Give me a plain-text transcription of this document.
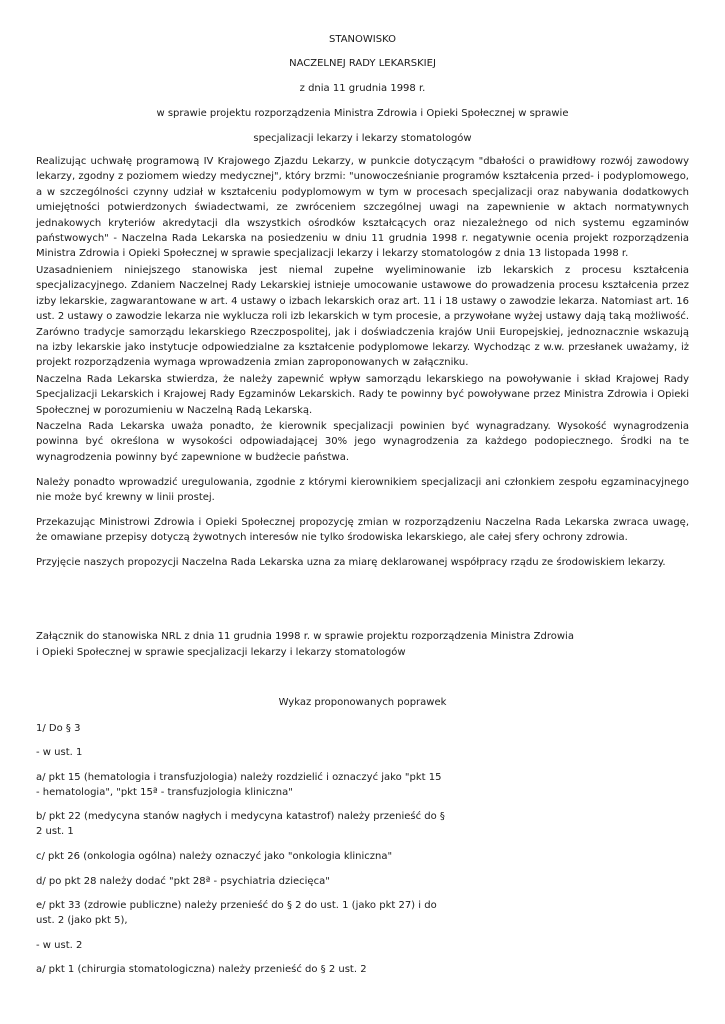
STANOWISKO
NACZELNEJ RADY LEKARSKIEJ
z dnia 11 grudnia 1998 r.
w sprawie projektu rozporządzenia Ministra Zdrowia i Opieki Społecznej w sprawie
specjalizacji lekarzy i lekarzy stomatologów

Realizując uchwałę programową IV Krajowego Zjazdu Lekarzy, w punkcie dotyczącym "dbałości o prawidłowy rozwój zawodowy lekarzy, zgodny z poziomem wiedzy medycznej", który brzmi: "unowocześnianie programów kształcenia przed- i podyplomowego, a w szczególności czynny udział w kształceniu podyplomowym w tym w procesach specjalizacji oraz nabywania dodatkowych umiejętności potwierdzonych świadectwami, ze zwróceniem szczególnej uwagi na zapewnienie w aktach normatywnych jednakowych kryteriów akredytacji dla wszystkich ośrodków kształcących oraz niezależnego od nich systemu egzaminów państwowych" - Naczelna Rada Lekarska na posiedzeniu w dniu 11 grudnia 1998 r. negatywnie ocenia projekt rozporządzenia Ministra Zdrowia i Opieki Społecznej w sprawie specjalizacji lekarzy i lekarzy stomatologów z dnia 13 listopada 1998 r.

Uzasadnieniem niniejszego stanowiska jest niemal zupełne wyeliminowanie izb lekarskich z procesu kształcenia specjalizacyjnego. Zdaniem Naczelnej Rady Lekarskiej istnieje umocowanie ustawowe do prowadzenia procesu kształcenia przez izby lekarskie, zagwarantowane w art. 4 ustawy o izbach lekarskich oraz art. 11 i 18 ustawy o zawodzie lekarza. Natomiast art. 16 ust. 2 ustawy o zawodzie lekarza nie wyklucza roli izb lekarskich w tym procesie, a przywołane wyżej ustawy dają taką możliwość. Zarówno tradycje samorządu lekarskiego Rzeczpospolitej, jak i doświadczenia krajów Unii Europejskiej, jednoznacznie wskazują na izby lekarskie jako instytucje odpowiedzialne za kształcenie podyplomowe lekarzy. Wychodząc z w.w. przesłanek uważamy, iż projekt rozporządzenia wymaga wprowadzenia zmian zaproponowanych w załączniku.

Naczelna Rada Lekarska stwierdza, że należy zapewnić wpływ samorządu lekarskiego na powoływanie i skład Krajowej Rady Specjalizacji Lekarskich i Krajowej Rady Egzaminów Lekarskich. Rady te powinny być powoływane przez Ministra Zdrowia i Opieki Społecznej w porozumieniu w Naczelną Radą Lekarską.

Naczelna Rada Lekarska uważa ponadto, że kierownik specjalizacji powinien być wynagradzany. Wysokość wynagrodzenia powinna być określona w wysokości odpowiadającej 30% jego wynagrodzenia za każdego podopiecznego. Środki na te wynagrodzenia powinny być zapewnione w budżecie państwa.

Należy ponadto wprowadzić uregulowania, zgodnie z którymi kierownikiem specjalizacji ani członkiem zespołu egzaminacyjnego nie może być krewny w linii prostej.

Przekazując Ministrowi Zdrowia i Opieki Społecznej propozycję zmian w rozporządzeniu Naczelna Rada Lekarska zwraca uwagę, że omawiane przepisy dotyczą żywotnych interesów nie tylko środowiska lekarskiego, ale całej sfery ochrony zdrowia.

Przyjęcie naszych propozycji Naczelna Rada Lekarska uzna za miarę deklarowanej współpracy rządu ze środowiskiem lekarzy.

Załącznik do stanowiska NRL z dnia 11 grudnia 1998 r. w sprawie projektu rozporządzenia Ministra Zdrowia
i Opieki Społecznej w sprawie specjalizacji lekarzy i lekarzy stomatologów
Wykaz proponowanych poprawek

1/ Do § 3

- w ust. 1

a/ pkt 15 (hematologia i transfuzjologia) należy rozdzielić i oznaczyć jako "pkt 15 - hematologia", "pkt 15ª - transfuzjologia kliniczna"

b/ pkt 22 (medycyna stanów nagłych i medycyna katastrof) należy przenieść do § 2 ust. 1

c/ pkt 26 (onkologia ogólna) należy oznaczyć jako "onkologia kliniczna"

d/ po pkt 28 należy dodać "pkt 28ª - psychiatria dziecięca"

e/ pkt 33 (zdrowie publiczne) należy przenieść do § 2 do ust. 1 (jako pkt 27) i do ust. 2 (jako pkt 5),

- w ust. 2

a/ pkt 1 (chirurgia stomatologiczna) należy przenieść do § 2 ust. 2
